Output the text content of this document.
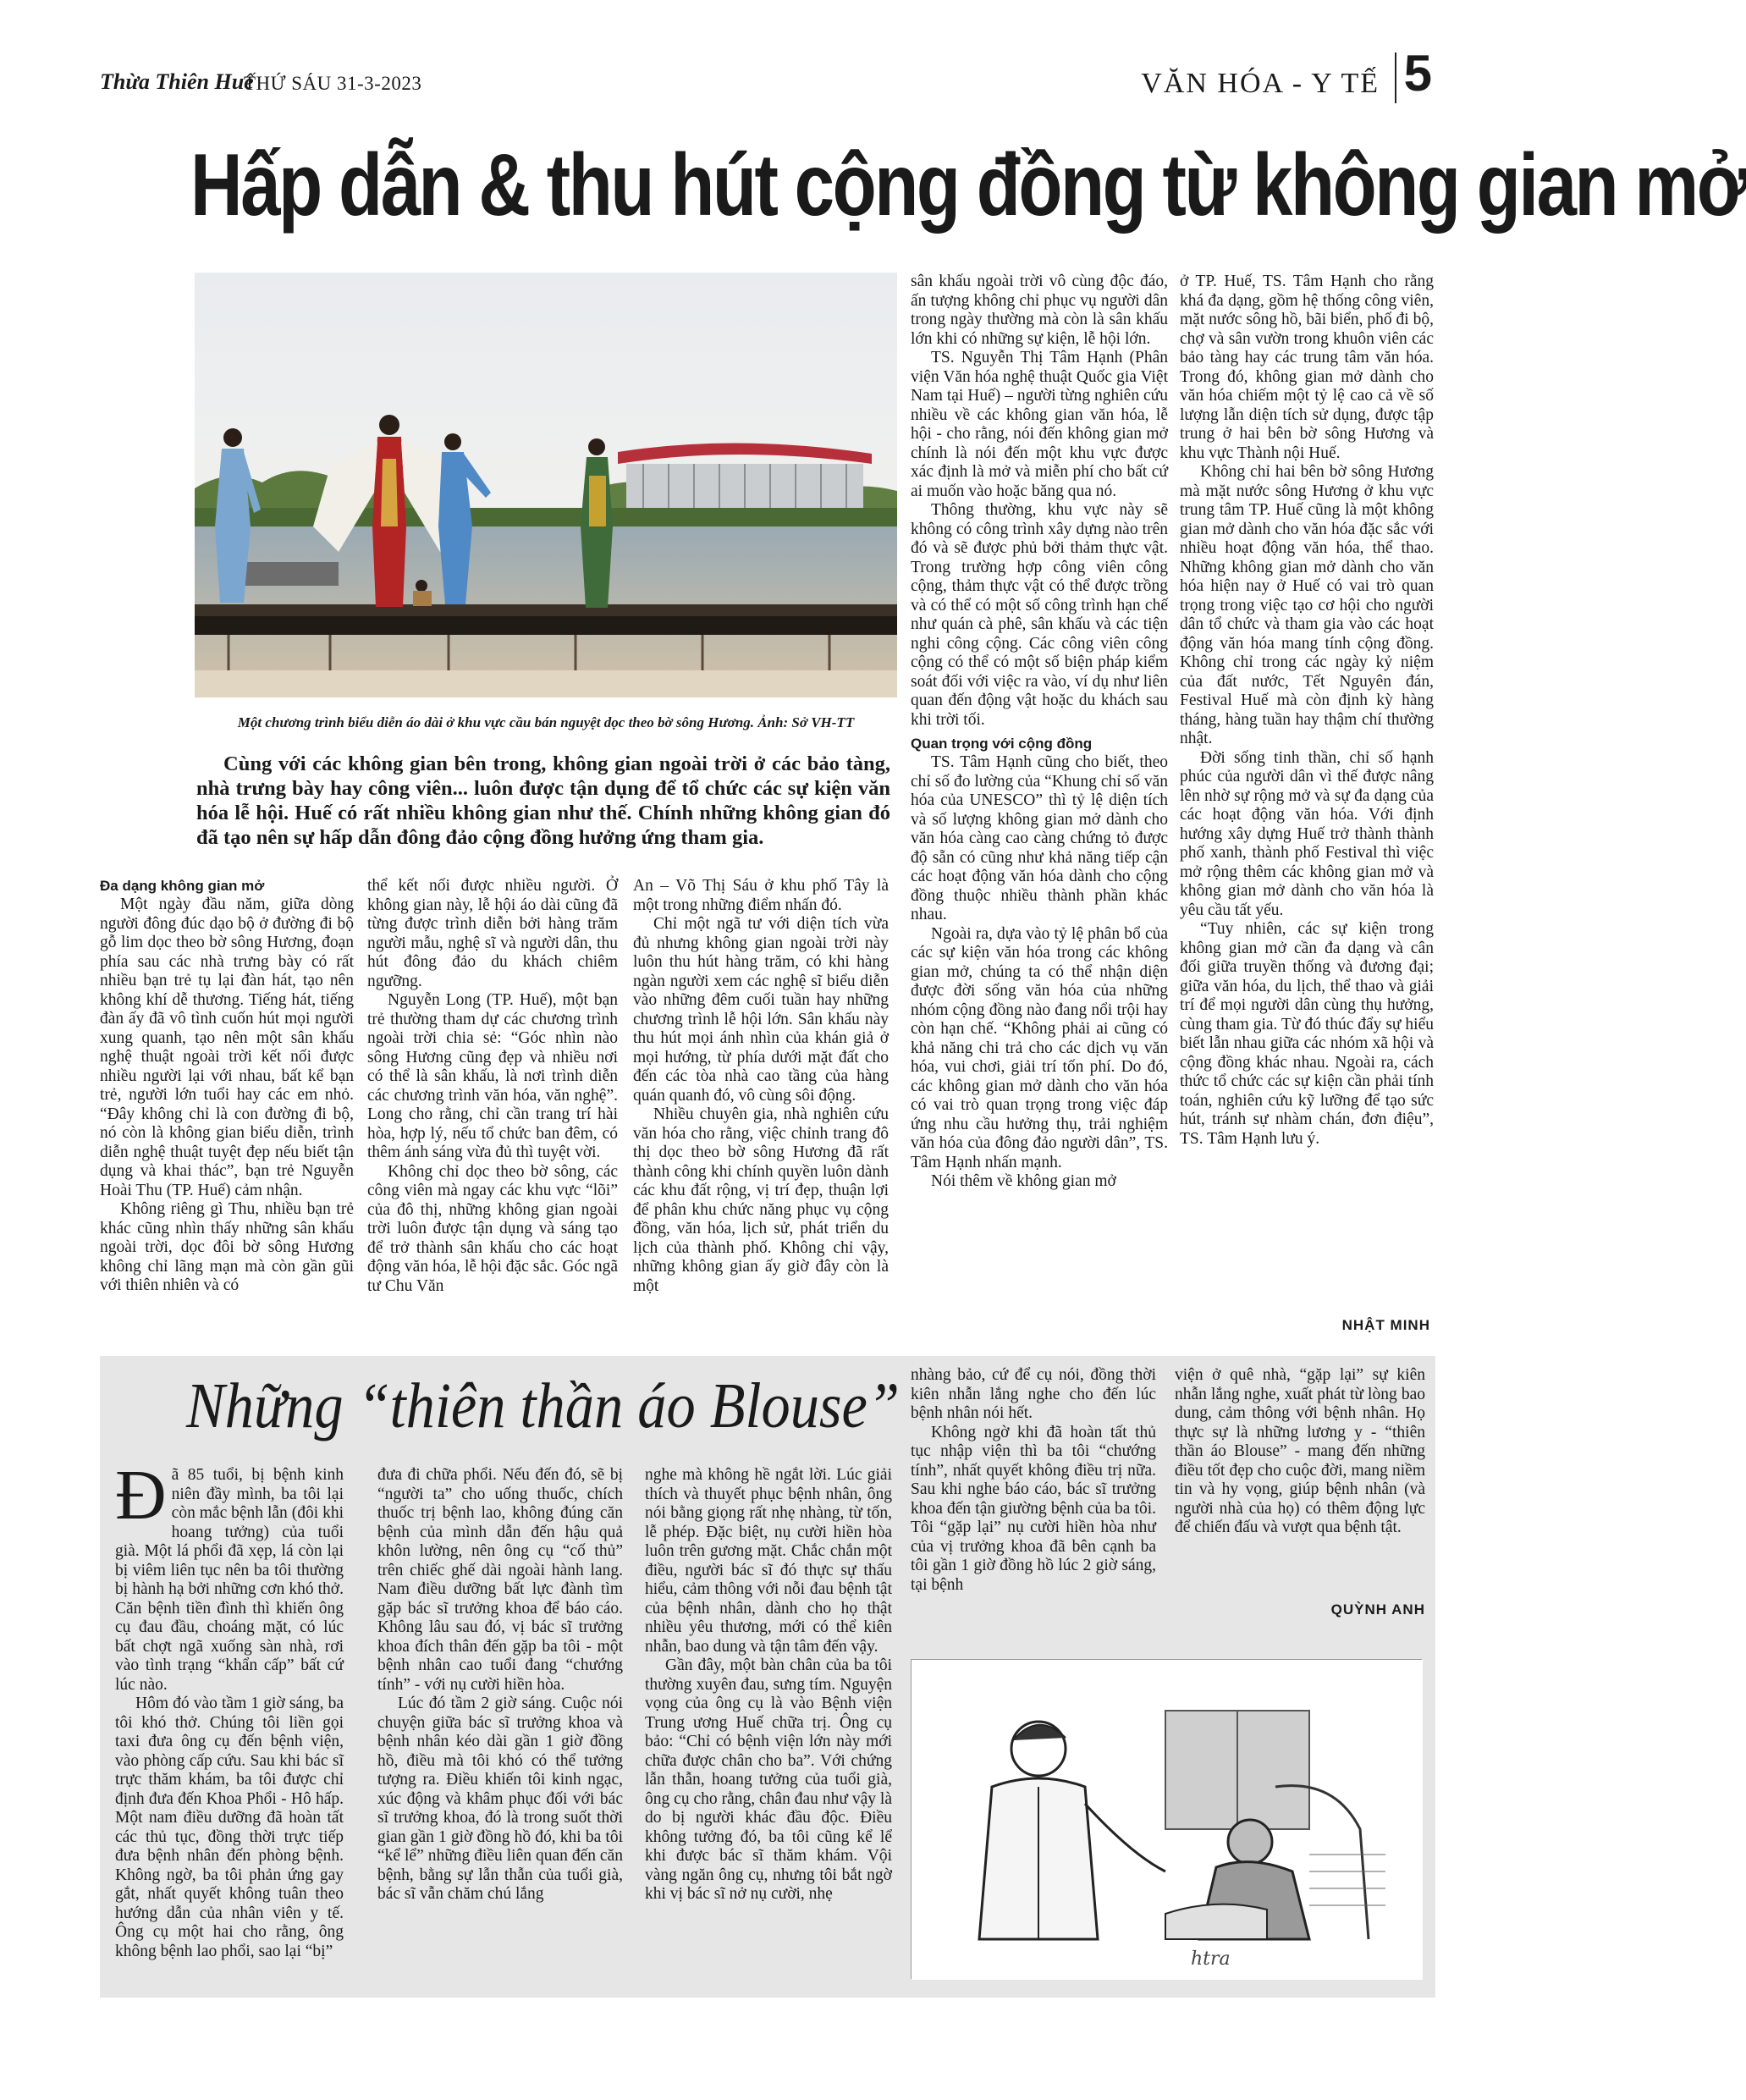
Thừa Thiên Huế
THỨ SÁU 31-3-2023	VĂN HÓA - Y TẾ 5
Hấp dẫn & thu hút cộng đồng từ không gian mở
Một chương trình biểu diễn áo dài ở khu vực cầu bán nguyệt dọc theo bờ sông Hương. Ảnh: Sở VH-TT
Cùng với các không gian bên trong, không gian ngoài trời ở các bảo tàng, nhà trưng bày hay công viên... luôn được tận dụng để tổ chức các sự kiện văn hóa lễ hội. Huế có rất nhiều không gian như thế. Chính những không gian đó đã tạo nên sự hấp dẫn đông đảo cộng đồng hưởng ứng tham gia.
Đa dạng không gian mở

Một ngày đầu năm, giữa dòng người đông đúc dạo bộ ở đường đi bộ gỗ lim dọc theo bờ sông Hương, đoạn phía sau các nhà trưng bày có rất nhiều bạn trẻ tụ lại đàn hát, tạo nên không khí dễ thương. Tiếng hát, tiếng đàn ấy đã vô tình cuốn hút mọi người xung quanh, tạo nên một sân khấu nghệ thuật ngoài trời kết nối được nhiều người lại với nhau, bất kể bạn trẻ, người lớn tuổi hay các em nhỏ. “Đây không chỉ là con đường đi bộ, nó còn là không gian biểu diễn, trình diễn nghệ thuật tuyệt đẹp nếu biết tận dụng và khai thác”, bạn trẻ Nguyễn Hoài Thu (TP. Huế) cảm nhận.

Không riêng gì Thu, nhiều bạn trẻ khác cũng nhìn thấy những sân khấu ngoài trời, dọc đôi bờ sông Hương không chỉ lãng mạn mà còn gần gũi với thiên nhiên và có

thể kết nối được nhiều người. Ở không gian này, lễ hội áo dài cũng đã từng được trình diễn bởi hàng trăm người mẫu, nghệ sĩ và người dân, thu hút đông đảo du khách chiêm ngưỡng.

Nguyễn Long (TP. Huế), một bạn trẻ thường tham dự các chương trình ngoài trời chia sẻ: “Góc nhìn nào sông Hương cũng đẹp và nhiều nơi có thể là sân khấu, là nơi trình diễn các chương trình văn hóa, văn nghệ”. Long cho rằng, chỉ cần trang trí hài hòa, hợp lý, nếu tổ chức ban đêm, có thêm ánh sáng vừa đủ thì tuyệt vời.

Không chỉ dọc theo bờ sông, các công viên mà ngay các khu vực “lõi” của đô thị, những không gian ngoài trời luôn được tận dụng và sáng tạo để trở thành sân khấu cho các hoạt động văn hóa, lễ hội đặc sắc. Góc ngã tư Chu Văn

An – Võ Thị Sáu ở khu phố Tây là một trong những điểm nhấn đó.

Chỉ một ngã tư với diện tích vừa đủ nhưng không gian ngoài trời này luôn thu hút hàng trăm, có khi hàng ngàn người xem các nghệ sĩ biểu diễn vào những đêm cuối tuần hay những chương trình lễ hội lớn. Sân khấu này thu hút mọi ánh nhìn của khán giả ở mọi hướng, từ phía dưới mặt đất cho đến các tòa nhà cao tầng của hàng quán quanh đó, vô cùng sôi động.

Nhiều chuyên gia, nhà nghiên cứu văn hóa cho rằng, việc chỉnh trang đô thị dọc theo bờ sông Hương đã rất thành công khi chính quyền luôn dành các khu đất rộng, vị trí đẹp, thuận lợi để phân khu chức năng phục vụ cộng đồng, văn hóa, lịch sử, phát triển du lịch của thành phố. Không chỉ vậy, những không gian ấy giờ đây còn là một

sân khấu ngoài trời vô cùng độc đáo, ấn tượng không chỉ phục vụ người dân trong ngày thường mà còn là sân khấu lớn khi có những sự kiện, lễ hội lớn.

TS. Nguyễn Thị Tâm Hạnh (Phân viện Văn hóa nghệ thuật Quốc gia Việt Nam tại Huế) – người từng nghiên cứu nhiều về các không gian văn hóa, lễ hội - cho rằng, nói đến không gian mở chính là nói đến một khu vực được xác định là mở và miễn phí cho bất cứ ai muốn vào hoặc băng qua nó.

Thông thường, khu vực này sẽ không có công trình xây dựng nào trên đó và sẽ được phủ bởi thảm thực vật. Trong trường hợp công viên công cộng, thảm thực vật có thể được trồng và có thể có một số công trình hạn chế như quán cà phê, sân khấu và các tiện nghi công cộng. Các công viên công cộng có thể có một số biện pháp kiểm soát đối với việc ra vào, ví dụ như liên quan đến động vật hoặc du khách sau khi trời tối.

Quan trọng với cộng đồng

TS. Tâm Hạnh cũng cho biết, theo chỉ số đo lường của “Khung chỉ số văn hóa của UNESCO” thì tỷ lệ diện tích và số lượng không gian mở dành cho văn hóa càng cao càng chứng tỏ được độ sẵn có cũng như khả năng tiếp cận các hoạt động văn hóa dành cho cộng đồng thuộc nhiều thành phần khác nhau.

Ngoài ra, dựa vào tỷ lệ phân bổ của các sự kiện văn hóa trong các không gian mở, chúng ta có thể nhận diện được đời sống văn hóa của những nhóm cộng đồng nào đang nổi trội hay còn hạn chế. “Không phải ai cũng có khả năng chi trả cho các dịch vụ văn hóa, vui chơi, giải trí tốn phí. Do đó, các không gian mở dành cho văn hóa có vai trò quan trọng trong việc đáp ứng nhu cầu hưởng thụ, trải nghiệm văn hóa của đông đảo người dân”, TS. Tâm Hạnh nhấn mạnh.

Nói thêm về không gian mở

ở TP. Huế, TS. Tâm Hạnh cho rằng khá đa dạng, gồm hệ thống công viên, mặt nước sông hồ, bãi biển, phố đi bộ, chợ và sân vườn trong khuôn viên các bảo tàng hay các trung tâm văn hóa. Trong đó, không gian mở dành cho văn hóa chiếm một tỷ lệ cao cả về số lượng lẫn diện tích sử dụng, được tập trung ở hai bên bờ sông Hương và khu vực Thành nội Huế.

Không chỉ hai bên bờ sông Hương mà mặt nước sông Hương ở khu vực trung tâm TP. Huế cũng là một không gian mở dành cho văn hóa đặc sắc với nhiều hoạt động văn hóa, thể thao. Những không gian mở dành cho văn hóa hiện nay ở Huế có vai trò quan trọng trong việc tạo cơ hội cho người dân tổ chức và tham gia vào các hoạt động văn hóa mang tính cộng đồng. Không chỉ trong các ngày kỷ niệm của đất nước, Tết Nguyên đán, Festival Huế mà còn định kỳ hàng tháng, hàng tuần hay thậm chí thường nhật.

Đời sống tinh thần, chỉ số hạnh phúc của người dân vì thế được nâng lên nhờ sự rộng mở và sự đa dạng của các hoạt động văn hóa. Với định hướng xây dựng Huế trở thành thành phố xanh, thành phố Festival thì việc mở rộng thêm các không gian mở và không gian mở dành cho văn hóa là yêu cầu tất yếu.

“Tuy nhiên, các sự kiện trong không gian mở cần đa dạng và cân đối giữa truyền thống và đương đại; giữa văn hóa, du lịch, thể thao và giải trí để mọi người dân cùng thụ hưởng, cùng tham gia. Từ đó thúc đẩy sự hiểu biết lẫn nhau giữa các nhóm xã hội và cộng đồng khác nhau. Ngoài ra, cách thức tổ chức các sự kiện cần phải tính toán, nghiên cứu kỹ lưỡng để tạo sức hút, tránh sự nhàm chán, đơn điệu”, TS. Tâm Hạnh lưu ý.

NHẬT MINH
Những “thiên thần áo Blouse”

Đã 85 tuổi, bị bệnh kinh niên đầy mình, ba tôi lại còn mắc bệnh lẫn (đôi khi hoang tưởng) của tuổi già. Một lá phổi đã xẹp, lá còn lại bị viêm liên tục nên ba tôi thường bị hành hạ bởi những cơn khó thở. Căn bệnh tiền đình thì khiến ông cụ đau đầu, choáng mặt, có lúc bất chợt ngã xuống sàn nhà, rơi vào tình trạng “khẩn cấp” bất cứ lúc nào.

Hôm đó vào tầm 1 giờ sáng, ba tôi khó thở. Chúng tôi liền gọi taxi đưa ông cụ đến bệnh viện, vào phòng cấp cứu. Sau khi bác sĩ trực thăm khám, ba tôi được chỉ định đưa đến Khoa Phổi - Hô hấp. Một nam điều dưỡng đã hoàn tất các thủ tục, đồng thời trực tiếp đưa bệnh nhân đến phòng bệnh. Không ngờ, ba tôi phản ứng gay gắt, nhất quyết không tuân theo hướng dẫn của nhân viên y tế. Ông cụ một hai cho rằng, ông không bệnh lao phổi, sao lại “bị”

đưa đi chữa phổi. Nếu đến đó, sẽ bị “người ta” cho uống thuốc, chích thuốc trị bệnh lao, không đúng căn bệnh của mình dẫn đến hậu quả khôn lường, nên ông cụ “cố thủ” trên chiếc ghế dài ngoài hành lang. Nam điều dưỡng bất lực đành tìm gặp bác sĩ trưởng khoa để báo cáo. Không lâu sau đó, vị bác sĩ trưởng khoa đích thân đến gặp ba tôi - một bệnh nhân cao tuổi đang “chướng tính” - với nụ cười hiền hòa.

Lúc đó tầm 2 giờ sáng. Cuộc nói chuyện giữa bác sĩ trưởng khoa và bệnh nhân kéo dài gần 1 giờ đồng hồ, điều mà tôi khó có thể tưởng tượng ra. Điều khiến tôi kinh ngạc, xúc động và khâm phục đối với bác sĩ trưởng khoa, đó là trong suốt thời gian gần 1 giờ đồng hồ đó, khi ba tôi “kể lể” những điều liên quan đến căn bệnh, bằng sự lẫn thẫn của tuổi già, bác sĩ vẫn chăm chú lắng

nghe mà không hề ngắt lời. Lúc giải thích và thuyết phục bệnh nhân, ông nói bằng giọng rất nhẹ nhàng, từ tốn, lễ phép. Đặc biệt, nụ cười hiền hòa luôn trên gương mặt. Chắc chắn một điều, người bác sĩ đó thực sự thấu hiểu, cảm thông với nỗi đau bệnh tật của bệnh nhân, dành cho họ thật nhiều yêu thương, mới có thể kiên nhẫn, bao dung và tận tâm đến vậy.

Gần đây, một bàn chân của ba tôi thường xuyên đau, sưng tím. Nguyện vọng của ông cụ là vào Bệnh viện Trung ương Huế chữa trị. Ông cụ bảo: “Chỉ có bệnh viện lớn này mới chữa được chân cho ba”. Với chứng lẫn thẫn, hoang tưởng của tuổi già, ông cụ cho rằng, chân đau như vậy là do bị người khác đầu độc. Điều không tưởng đó, ba tôi cũng kể lể khi được bác sĩ thăm khám. Vội vàng ngăn ông cụ, nhưng tôi bắt ngờ khi vị bác sĩ nở nụ cười, nhẹ

nhàng bảo, cứ để cụ nói, đồng thời kiên nhẫn lắng nghe cho đến lúc bệnh nhân nói hết.

Không ngờ khi đã hoàn tất thủ tục nhập viện thì ba tôi “chướng tính”, nhất quyết không điều trị nữa. Sau khi nghe báo cáo, bác sĩ trưởng khoa đến tận giường bệnh của ba tôi. Tôi “gặp lại” nụ cười hiền hòa như của vị trưởng khoa đã bên cạnh ba tôi gần 1 giờ đồng hồ lúc 2 giờ sáng, tại bệnh

viện ở quê nhà, “gặp lại” sự kiên nhẫn lắng nghe, xuất phát từ lòng bao dung, cảm thông với bệnh nhân. Họ thực sự là những lương y - “thiên thần áo Blouse” - mang đến những điều tốt đẹp cho cuộc đời, mang niềm tin và hy vọng, giúp bệnh nhân (và người nhà của họ) có thêm động lực để chiến đấu và vượt qua bệnh tật.

QUỲNH ANH
htra
